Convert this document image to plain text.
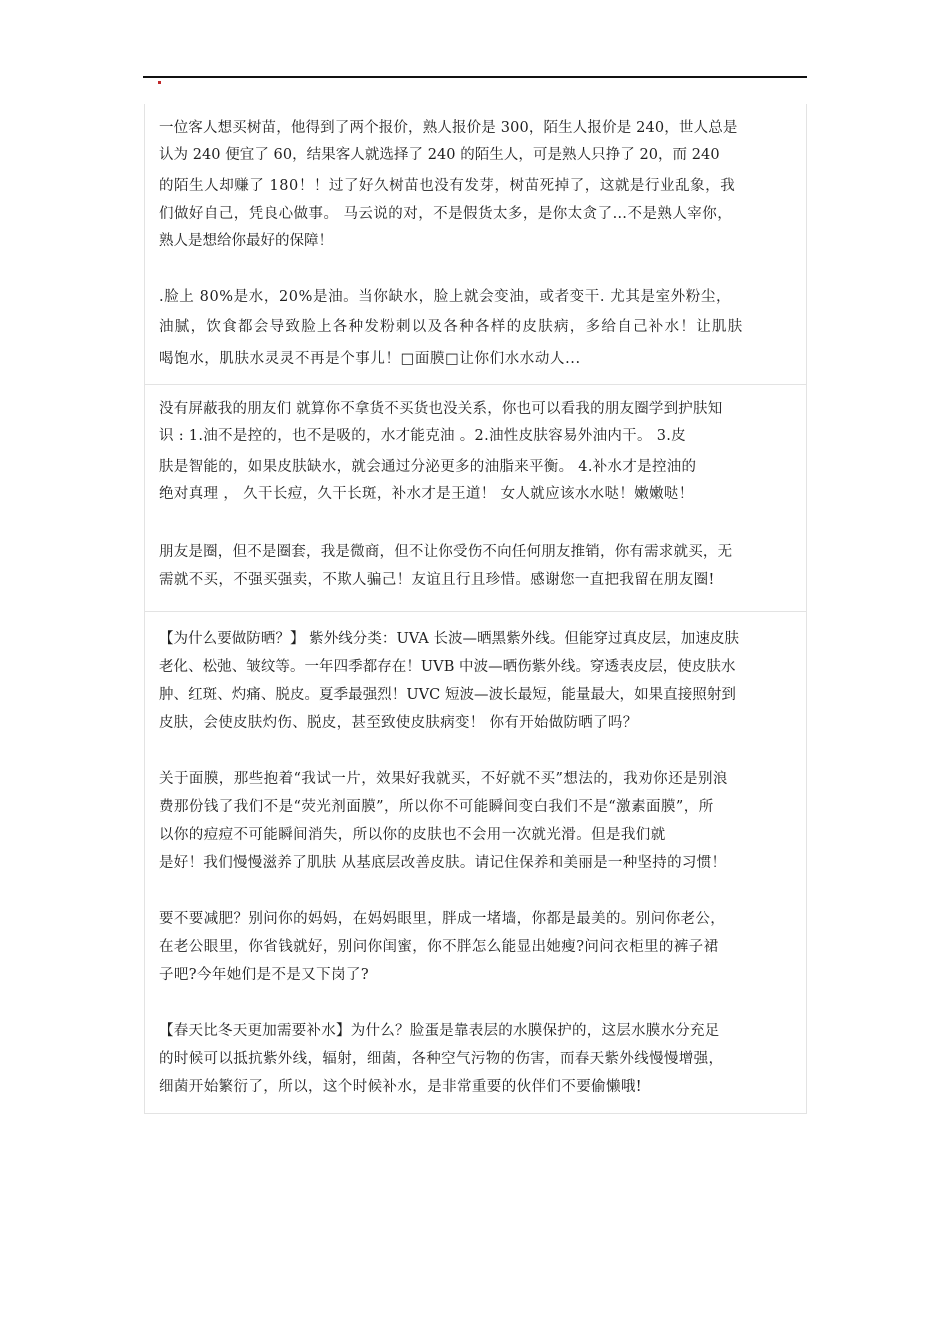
一位客人想买树苗，他得到了两个报价，熟人报价是 300，陌生人报价是 240，世人总是
认为 240 便宜了 60，结果客人就选择了 240 的陌生人，可是熟人只挣了 20，而 240
的陌生人却赚了 180！！过了好久树苗也没有发芽，树苗死掉了，这就是行业乱象，我
们做好自己，凭良心做事。 马云说的对，不是假货太多，是你太贪了…不是熟人宰你，
熟人是想给你最好的保障！
.脸上 80%是水，20%是油。当你缺水，脸上就会变油，或者变干. 尤其是室外粉尘，
油腻，饮食都会导致脸上各种发粉刺以及各种各样的皮肤病，多给自己补水！让肌肤
喝饱水，肌肤水灵灵不再是个事儿！□面膜□让你们水水动人...
没有屏蔽我的朋友们 就算你不拿货不买货也没关系，你也可以看我的朋友圈学到护肤知
识 : 1.油不是控的，也不是吸的，水才能克油 。2.油性皮肤容易外油内干。 3.皮
肤是智能的，如果皮肤缺水，就会通过分泌更多的油脂来平衡。 4.补水才是控油的
绝对真理 ， 久干长痘，久干长斑，补水才是王道！ 女人就应该水水哒！嫩嫩哒！
朋友是圈，但不是圈套，我是微商，但不让你受伤不向任何朋友推销，你有需求就买，无
需就不买，不强买强卖，不欺人骗己！友谊且行且珍惜。感谢您一直把我留在朋友圈!
【为什么要做防晒？】 紫外线分类：UVA 长波—晒黑紫外线。但能穿过真皮层，加速皮肤
老化、松弛、皱纹等。一年四季都存在！UVB 中波—晒伤紫外线。穿透表皮层，使皮肤水
肿、红斑、灼痛、脱皮。夏季最强烈！UVC 短波—波长最短，能量最大，如果直接照射到
皮肤，会使皮肤灼伤、脱皮，甚至致使皮肤病变！ 你有开始做防晒了吗？
关于面膜，那些抱着“我试一片，效果好我就买，不好就不买”想法的，我劝你还是别浪
费那份钱了我们不是“荧光剂面膜”，所以你不可能瞬间变白我们不是“激素面膜”，所
以你的痘痘不可能瞬间消失，所以你的皮肤也不会用一次就光滑。但是我们就
是好！我们慢慢滋养了肌肤 从基底层改善皮肤。请记住保养和美丽是一种坚持的习惯！
要不要减肥？别问你的妈妈，在妈妈眼里，胖成一堵墙，你都是最美的。别问你老公，
在老公眼里，你省钱就好，别问你闺蜜，你不胖怎么能显出她瘦?问问衣柜里的裤子裙
子吧?今年她们是不是又下岗了?
【春天比冬天更加需要补水】为什么？脸蛋是靠表层的水膜保护的，这层水膜水分充足
的时候可以抵抗紫外线，辐射，细菌，各种空气污物的伤害，而春天紫外线慢慢增强，
细菌开始繁衍了，所以，这个时候补水，是非常重要的伙伴们不要偷懒哦!
